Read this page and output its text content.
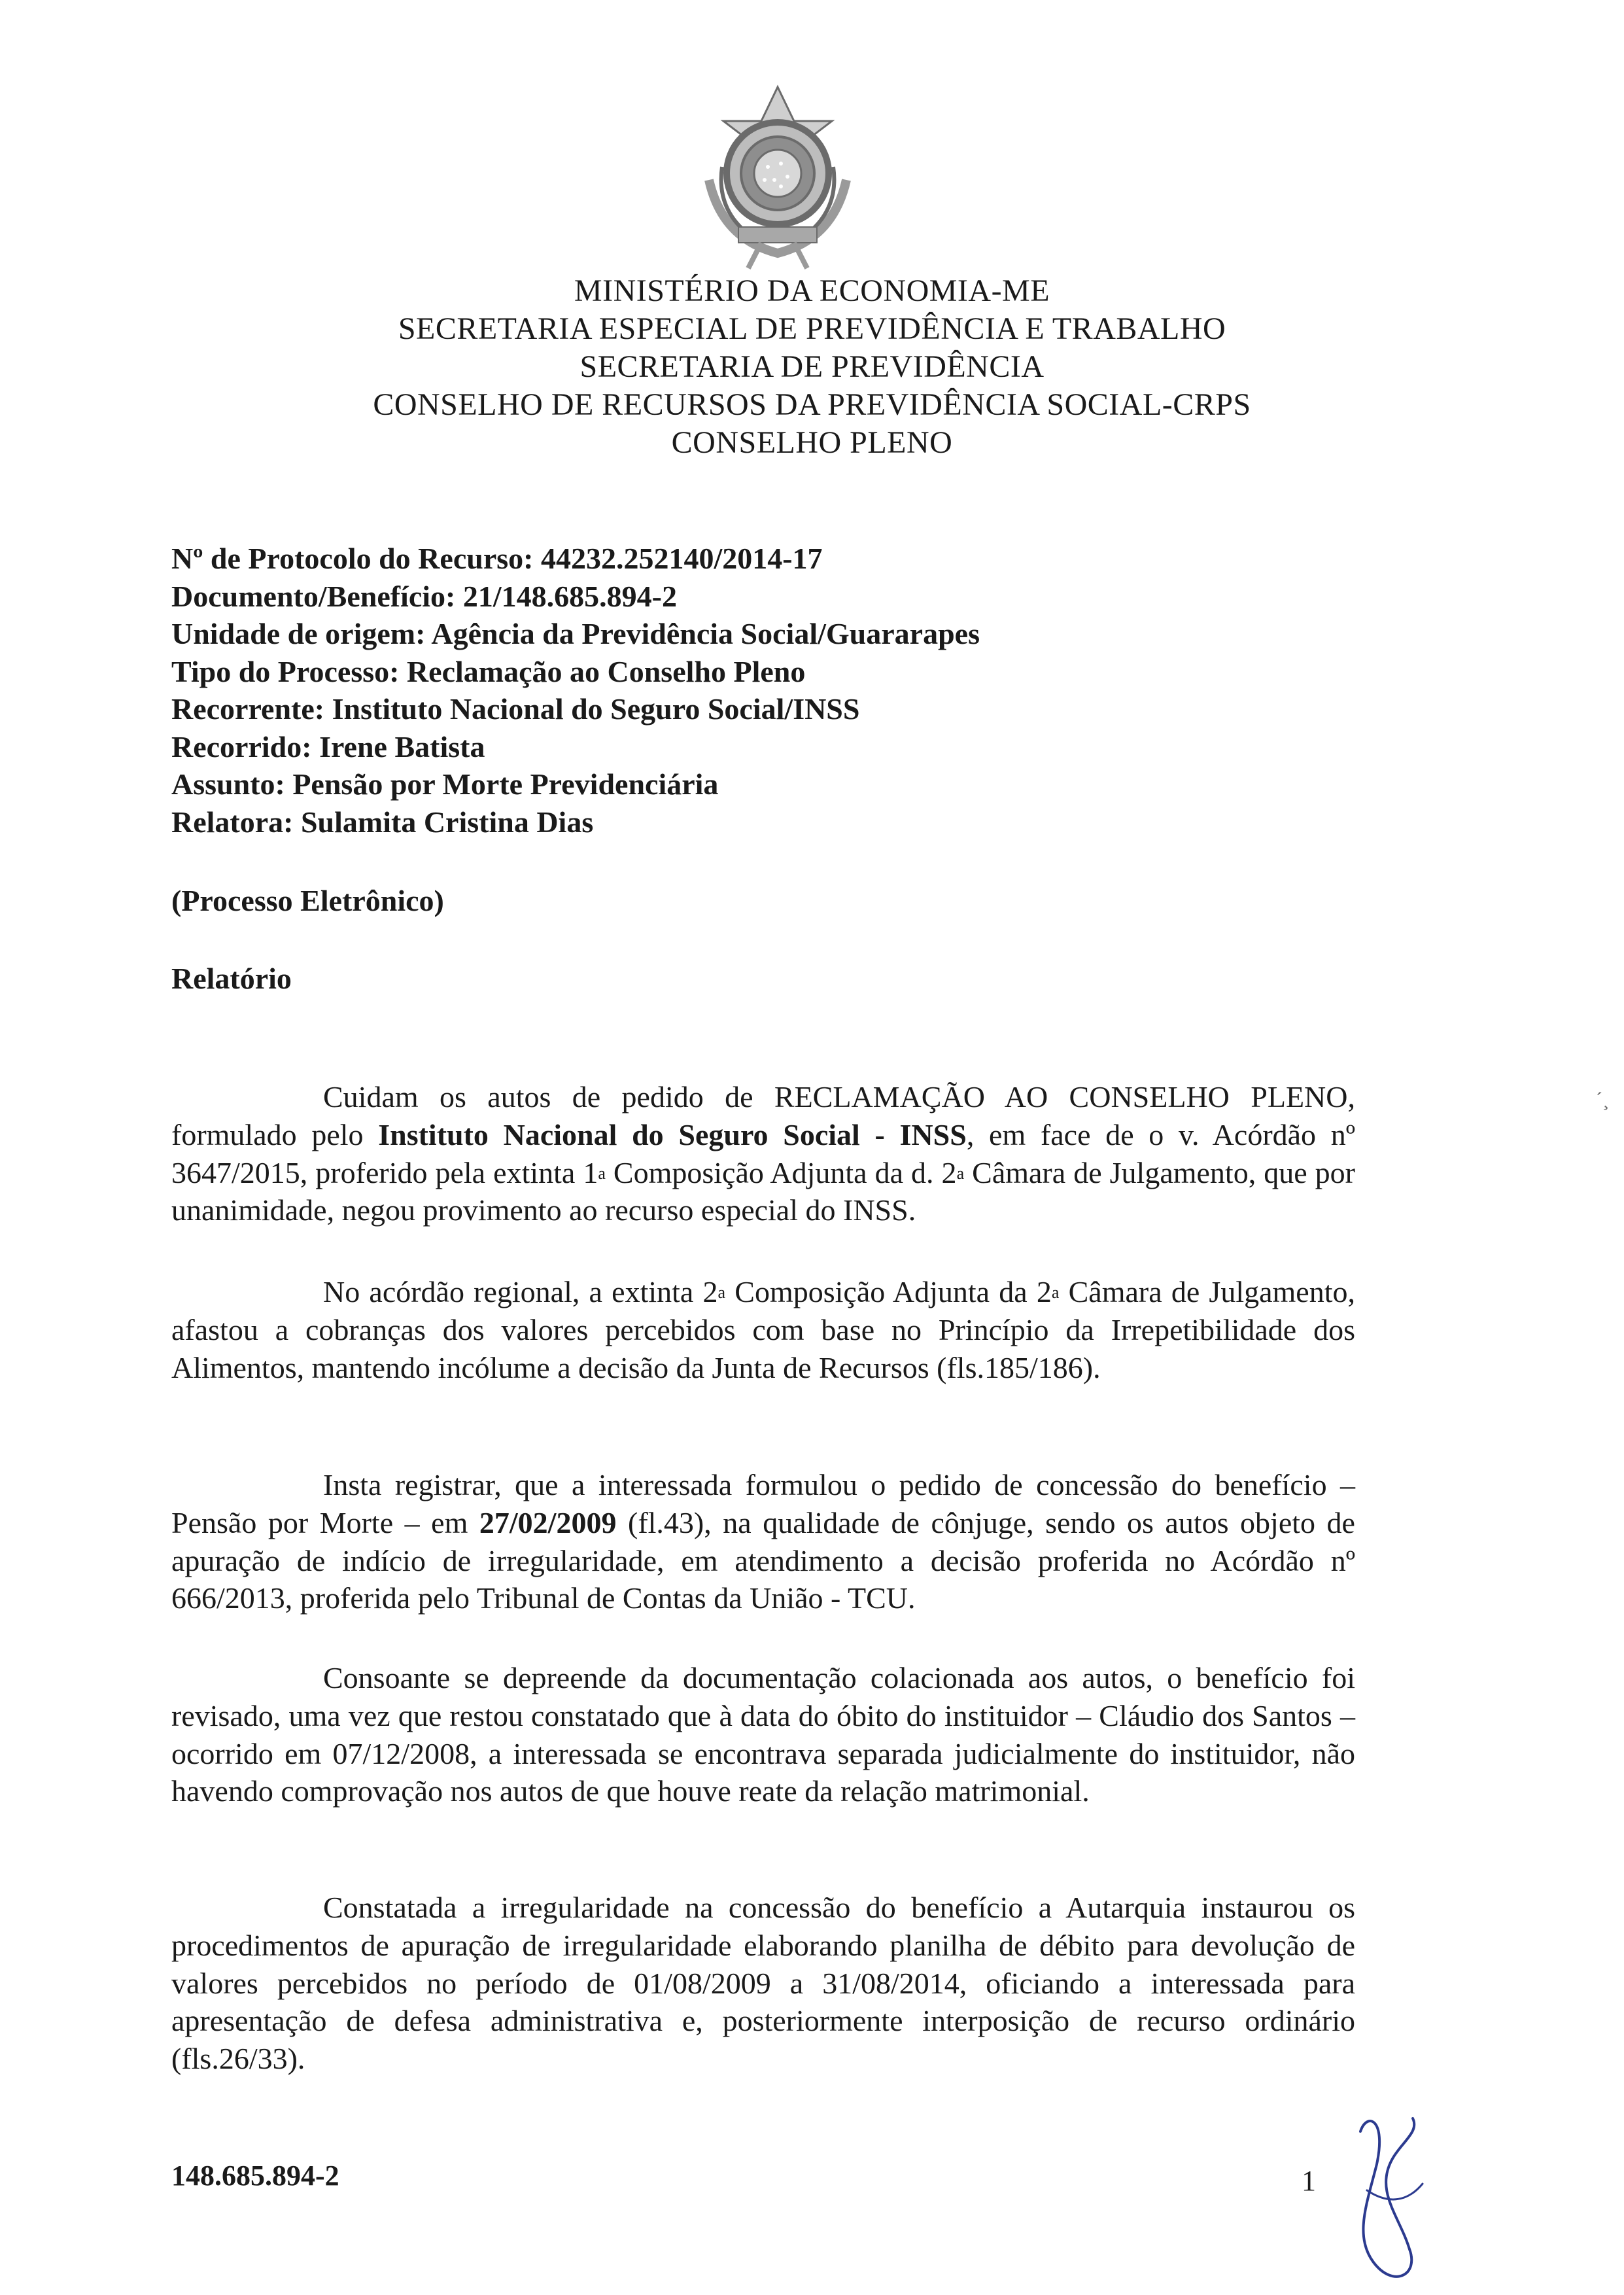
MINISTÉRIO DA ECONOMIA-ME
SECRETARIA ESPECIAL DE PREVIDÊNCIA E TRABALHO
SECRETARIA DE PREVIDÊNCIA
CONSELHO DE RECURSOS DA PREVIDÊNCIA SOCIAL-CRPS
CONSELHO PLENO
Nº de Protocolo do Recurso: 44232.252140/2014-17
Documento/Benefício: 21/148.685.894-2
Unidade de origem: Agência da Previdência Social/Guararapes
Tipo do Processo: Reclamação ao Conselho Pleno
Recorrente: Instituto Nacional do Seguro Social/INSS
Recorrido: Irene Batista
Assunto: Pensão por Morte Previdenciária
Relatora: Sulamita Cristina Dias
(Processo Eletrônico)
Relatório
Cuidam os autos de pedido de RECLAMAÇÃO AO CONSELHO PLENO, formulado pelo Instituto Nacional do Seguro Social - INSS, em face de o v. Acórdão nº 3647/2015, proferido pela extinta 1$^a$ Composição Adjunta da d. 2$^a$ Câmara de Julgamento, que por unanimidade, negou provimento ao recurso especial do INSS.
No acórdão regional, a extinta 2$^a$ Composição Adjunta da 2$^a$ Câmara de Julgamento, afastou a cobranças dos valores percebidos com base no Princípio da Irrepetibilidade dos Alimentos, mantendo incólume a decisão da Junta de Recursos (fls.185/186).
Insta registrar, que a interessada formulou o pedido de concessão do benefício – Pensão por Morte – em 27/02/2009 (fl.43), na qualidade de cônjuge, sendo os autos objeto de apuração de indício de irregularidade, em atendimento a decisão proferida no Acórdão nº 666/2013, proferida pelo Tribunal de Contas da União - TCU.
Consoante se depreende da documentação colacionada aos autos, o benefício foi revisado, uma vez que restou constatado que à data do óbito do instituidor – Cláudio dos Santos – ocorrido em 07/12/2008, a interessada se encontrava separada judicialmente do instituidor, não havendo comprovação nos autos de que houve reate da relação matrimonial.
Constatada a irregularidade na concessão do benefício a Autarquia instaurou os procedimentos de apuração de irregularidade elaborando planilha de débito para devolução de valores percebidos no período de 01/08/2009 a 31/08/2014, oficiando a interessada para apresentação de defesa administrativa e, posteriormente interposição de recurso ordinário (fls.26/33).
148.685.894-2	1
´¸
